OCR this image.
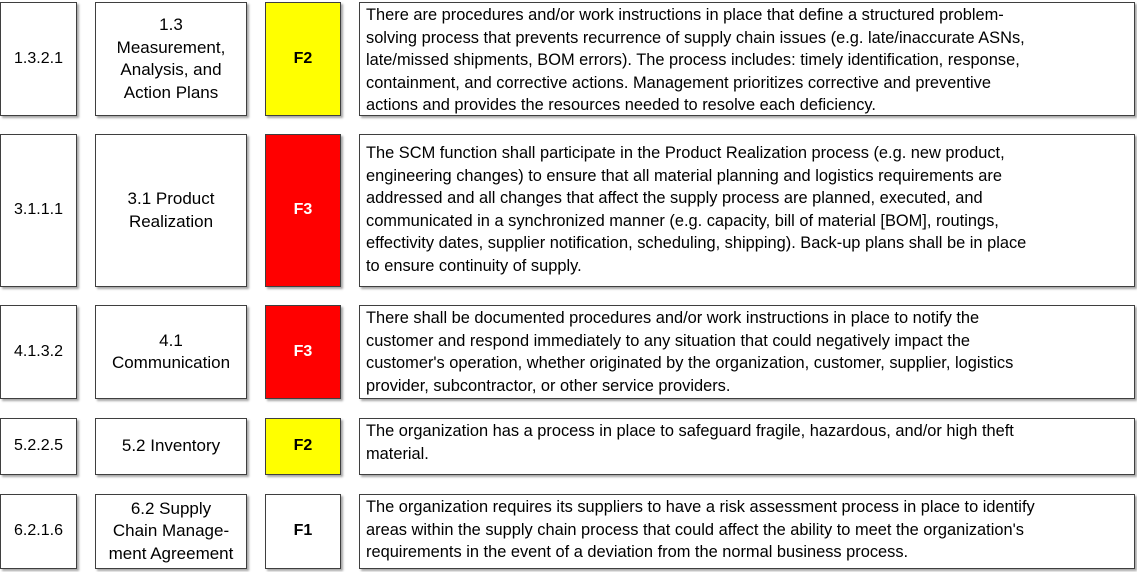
1.3.2.1
1.3
Measurement,
Analysis, and
Action Plans
F2
There are procedures and/or work instructions in place that define a structured problem-
solving process that prevents recurrence of supply chain issues (e.g. late/inaccurate ASNs,
late/missed shipments, BOM errors). The process includes: timely identification, response,
containment, and corrective actions. Management prioritizes corrective and preventive
actions and provides the resources needed to resolve each deficiency.
3.1.1.1
3.1 Product
Realization
F3
The SCM function shall participate in the Product Realization process (e.g. new product,
engineering changes) to ensure that all material planning and logistics requirements are
addressed and all changes that affect the supply process are planned, executed, and
communicated in a synchronized manner (e.g. capacity, bill of material [BOM], routings,
effectivity dates, supplier notification, scheduling, shipping). Back-up plans shall be in place
to ensure continuity of supply.
4.1.3.2
4.1
Communication
F3
There shall be documented procedures and/or work instructions in place to notify the
customer and respond immediately to any situation that could negatively impact the
customer's operation, whether originated by the organization, customer, supplier, logistics
provider, subcontractor, or other service providers.
5.2.2.5	5.2 Inventory	F2
The organization has a process in place to safeguard fragile, hazardous, and/or high theft
material.
6.2.1.6
6.2 Supply
Chain Manage-
ment Agreement
F1
The organization requires its suppliers to have a risk assessment process in place to identify
areas within the supply chain process that could affect the ability to meet the organization's
requirements in the event of a deviation from the normal business process.
